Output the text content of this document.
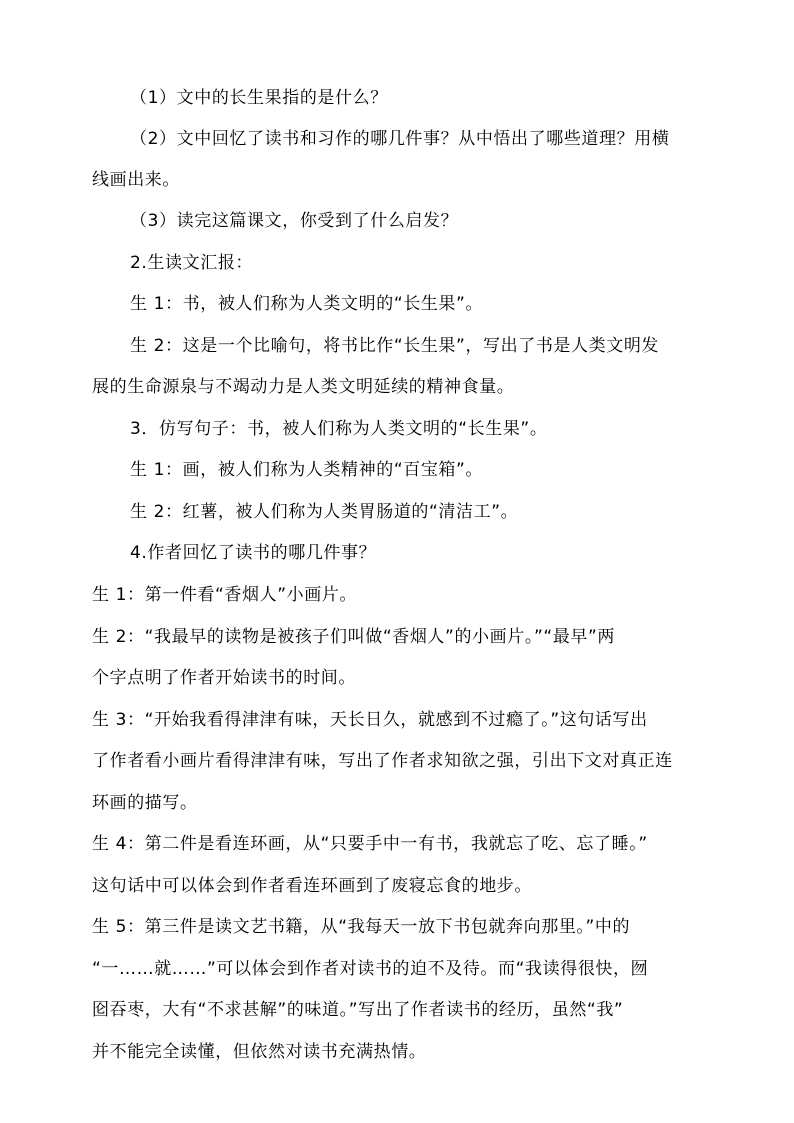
（1）文中的长生果指的是什么？
（2）文中回忆了读书和习作的哪几件事？从中悟出了哪些道理？用横
线画出来。
（3）读完这篇课文，你受到了什么启发？
2.生读文汇报：
生 1：书，被人们称为人类文明的“长生果”。
生 2：这是一个比喻句，将书比作“长生果”，写出了书是人类文明发
展的生命源泉与不竭动力是人类文明延续的精神食量。
3．仿写句子：书，被人们称为人类文明的“长生果”。
生 1：画，被人们称为人类精神的“百宝箱”。
生 2：红薯，被人们称为人类胃肠道的“清洁工”。
4.作者回忆了读书的哪几件事？
生 1：第一件看“香烟人”小画片。
生 2：“我最早的读物是被孩子们叫做“香烟人”的小画片。”“最早”两
个字点明了作者开始读书的时间。
生 3：“开始我看得津津有味，天长日久，就感到不过瘾了。”这句话写出
了作者看小画片看得津津有味，写出了作者求知欲之强，引出下文对真正连
环画的描写。
生 4：第二件是看连环画，从“只要手中一有书，我就忘了吃、忘了睡。”
这句话中可以体会到作者看连环画到了废寝忘食的地步。
生 5：第三件是读文艺书籍，从“我每天一放下书包就奔向那里。”中的
“一……就……”可以体会到作者对读书的迫不及待。而“我读得很快，囫
囵吞枣，大有“不求甚解”的味道。”写出了作者读书的经历，虽然“我”
并不能完全读懂，但依然对读书充满热情。
